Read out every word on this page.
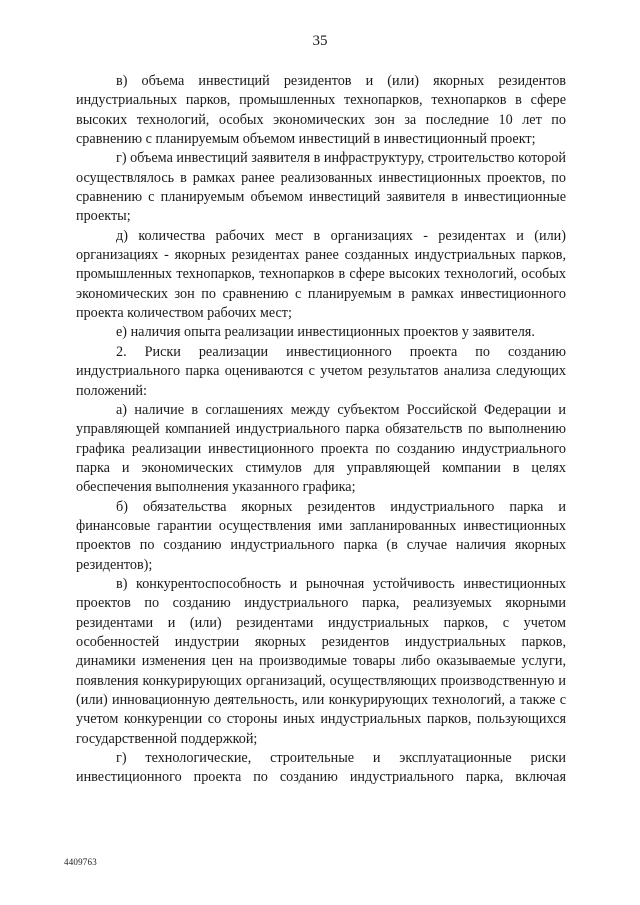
35

в) объема инвестиций резидентов и (или) якорных резидентов индустриальных парков, промышленных технопарков, технопарков в сфере высоких технологий, особых экономических зон за последние 10 лет по сравнению с планируемым объемом инвестиций в инвестиционный проект;

г) объема инвестиций заявителя в инфраструктуру, строительство которой осуществлялось в рамках ранее реализованных инвестиционных проектов, по сравнению с планируемым объемом инвестиций заявителя в инвестиционные проекты;

д) количества рабочих мест в организациях - резидентах и (или) организациях - якорных резидентах ранее созданных индустриальных парков, промышленных технопарков, технопарков в сфере высоких технологий, особых экономических зон по сравнению с планируемым в рамках инвестиционного проекта количеством рабочих мест;

е) наличия опыта реализации инвестиционных проектов у заявителя.

2. Риски реализации инвестиционного проекта по созданию индустриального парка оцениваются с учетом результатов анализа следующих положений:

а) наличие в соглашениях между субъектом Российской Федерации и управляющей компанией индустриального парка обязательств по выполнению графика реализации инвестиционного проекта по созданию индустриального парка и экономических стимулов для управляющей компании в целях обеспечения выполнения указанного графика;

б) обязательства якорных резидентов индустриального парка и финансовые гарантии осуществления ими запланированных инвестиционных проектов по созданию индустриального парка (в случае наличия якорных резидентов);

в) конкурентоспособность и рыночная устойчивость инвестиционных проектов по созданию индустриального парка, реализуемых якорными резидентами и (или) резидентами индустриальных парков, с учетом особенностей индустрии якорных резидентов индустриальных парков, динамики изменения цен на производимые товары либо оказываемые услуги, появления конкурирующих организаций, осуществляющих производственную и (или) инновационную деятельность, или конкурирующих технологий, а также с учетом конкуренции со стороны иных индустриальных парков, пользующихся государственной поддержкой;

г) технологические, строительные и эксплуатационные риски инвестиционного проекта по созданию индустриального парка, включая

4409763
